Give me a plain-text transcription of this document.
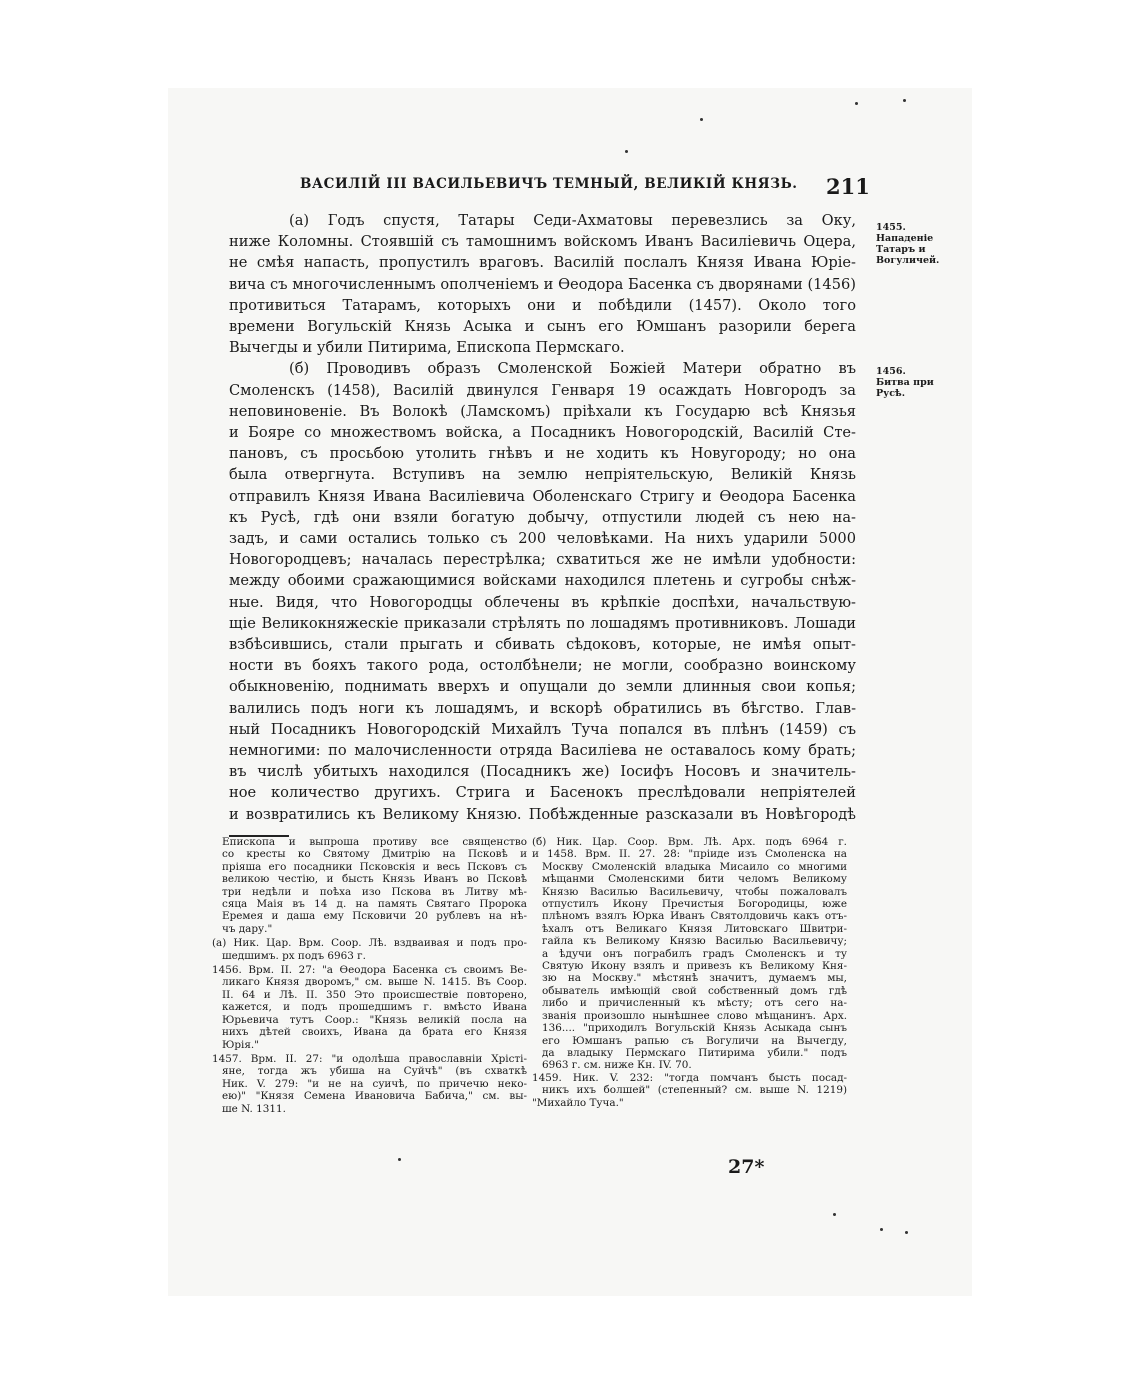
ВАСИЛІЙ III ВАСИЛЬЕВИЧЪ ТЕМНЫЙ, ВЕЛИКІЙ КНЯЗЬ.	211
1455.
Нападеніе
Татаръ и
Вогуличей.
1456.
Битва при
Русѣ.
(а) Годъ спустя, Татары Седи-Ахматовы перевезлись за Оку,
ниже Коломны. Стоявшій съ тамошнимъ войскомъ Иванъ Василіевичь Оцера,
не смѣя напасть, пропустилъ враговъ. Василій послалъ Князя Ивана Юріе-
вича съ многочисленнымъ ополченіемъ и Ѳеодора Басенка съ дворянами (1456)
противиться Татарамъ, которыхъ они и побѣдили (1457). Около того
времени Вогульскій Князь Асыка и сынъ его Юмшанъ разорили берега
Вычегды и убили Питирима, Епископа Пермскаго.
(б) Проводивъ образъ Смоленской Божіей Матери обратно въ
Смоленскъ (1458), Василій двинулся Генваря 19 осаждать Новгородъ за
неповиновеніе. Въ Волокѣ (Ламскомъ) пріѣхали къ Государю всѣ Князья
и Бояре со множествомъ войска, а Посадникъ Новогородскій, Василій Сте-
пановъ, съ просьбою утолить гнѣвъ и не ходить къ Новугороду; но она
была отвергнута. Вступивъ на землю непріятельскую, Великій Князь
отправилъ Князя Ивана Василіевича Оболенскаго Стригу и Ѳеодора Басенка
къ Русѣ, гдѣ они взяли богатую добычу, отпустили людей съ нею на-
задъ, и сами остались только съ 200 человѣками. На нихъ ударили 5000
Новогородцевъ; началась перестрѣлка; схватиться же не имѣли удобности:
между обоими сражающимися войсками находился плетень и сугробы снѣж-
ные. Видя, что Новогородцы облечены въ крѣпкіе доспѣхи, начальствую-
щіе Великокняжескіе приказали стрѣлять по лошадямъ противниковъ. Лошади
взбѣсившись, стали прыгать и сбивать сѣдоковъ, которые, не имѣя опыт-
ности въ бояхъ такого рода, остолбѣнели; не могли, сообразно воинскому
обыкновенію, поднимать вверхъ и опущали до земли длинныя свои копья;
валились подъ ноги къ лошадямъ, и вскорѣ обратились въ бѣгство. Глав-
ный Посадникъ Новогородскій Михайлъ Туча попался въ плѣнъ (1459) съ
немногими: по малочисленности отряда Василіева не оставалось кому брать;
въ числѣ убитыхъ находился (Посадникъ же) Іосифъ Носовъ и значитель-
ное количество другихъ. Стрига и Басенокъ преслѣдовали непріятелей
и возвратились къ Великому Князю. Побѣжденные разсказали въ Новѣгородѣ
Епископа и выпроша противу все священство
со кресты ко Святому Дмитрію на Псковѣ и
пріяша его посадники Псковскія и весь Псковъ съ
великою честію, и бысть Князь Иванъ во Псковѣ
три недѣли и поѣха изо Пскова въ Литву мѣ-
сяца Маія въ 14 д. на память Святаго Пророка
Еремея и даша ему Псковичи 20 рублевъ на нѣ-
чъ дару."
(а) Ник. Цар. Врм. Соор. Лѣ. вздваивая и подъ про-
шедшимъ. рх подъ 6963 г.
1456. Врм. II. 27: "а Ѳеодора Басенка съ своимъ Ве-
ликаго Князя дворомъ," см. выше N. 1415. Въ Соор.
II. 64 и Лѣ. II. 350 Это происшествіе повторено,
кажется, и подъ прошедшимъ г. вмѣсто Ивана
Юрьевича тутъ Соор.: "Князь великій посла на
нихъ дѣтей своихъ, Ивана да брата его Князя
Юрія."
1457. Врм. II. 27: "и одолѣша православніи Хрісті-
яне, тогда жъ убиша на Суйчѣ" (въ схваткѣ
Ник. V. 279: "и не на суичѣ, по причечю неко-
ею)" "Князя Семена Ивановича Бабича," см. вы-
ше N. 1311.
(б) Ник. Цар. Соор. Врм. Лѣ. Арх. подъ 6964 г.
и 1458. Врм. II. 27. 28: "пріиде изъ Смоленска на
Москву Смоленскій владыка Мисаило со многими
мѣщанми Смоленскими бити челомъ Великому
Князю Василью Васильевичу, чтобы пожаловалъ
отпустилъ Икону Пречистыя Богородицы, юже
плѣномъ взялъ Юрка Иванъ Святолдовичь какъ отъ-
ѣхалъ отъ Великаго Князя Литовскаго Швитри-
гайла къ Великому Князю Василью Васильевичу;
а ѣдучи онъ пограбилъ градъ Смоленскъ и ту
Святую Икону взялъ и привезъ къ Великому Кня-
зю на Москву." мѣстянѣ значитъ, думаемъ мы,
обыватель имѣющій свой собственный домъ гдѣ
либо и причисленный къ мѣсту; отъ сего на-
званія произошло нынѣшнее слово мѣщанинъ. Арх.
136.... "приходилъ Вогульскій Князь Асыкада сынъ
его Юмшанъ рапью съ Вогуличи на Вычегду,
да владыку Пермскаго Питирима убили." подъ
6963 г. см. ниже Кн. IV. 70.
1459. Ник. V. 232: "тогда помчанъ бысть посад-
никъ ихъ болшей" (степенный? см. выше N. 1219)
"Михайло Туча."
27*
